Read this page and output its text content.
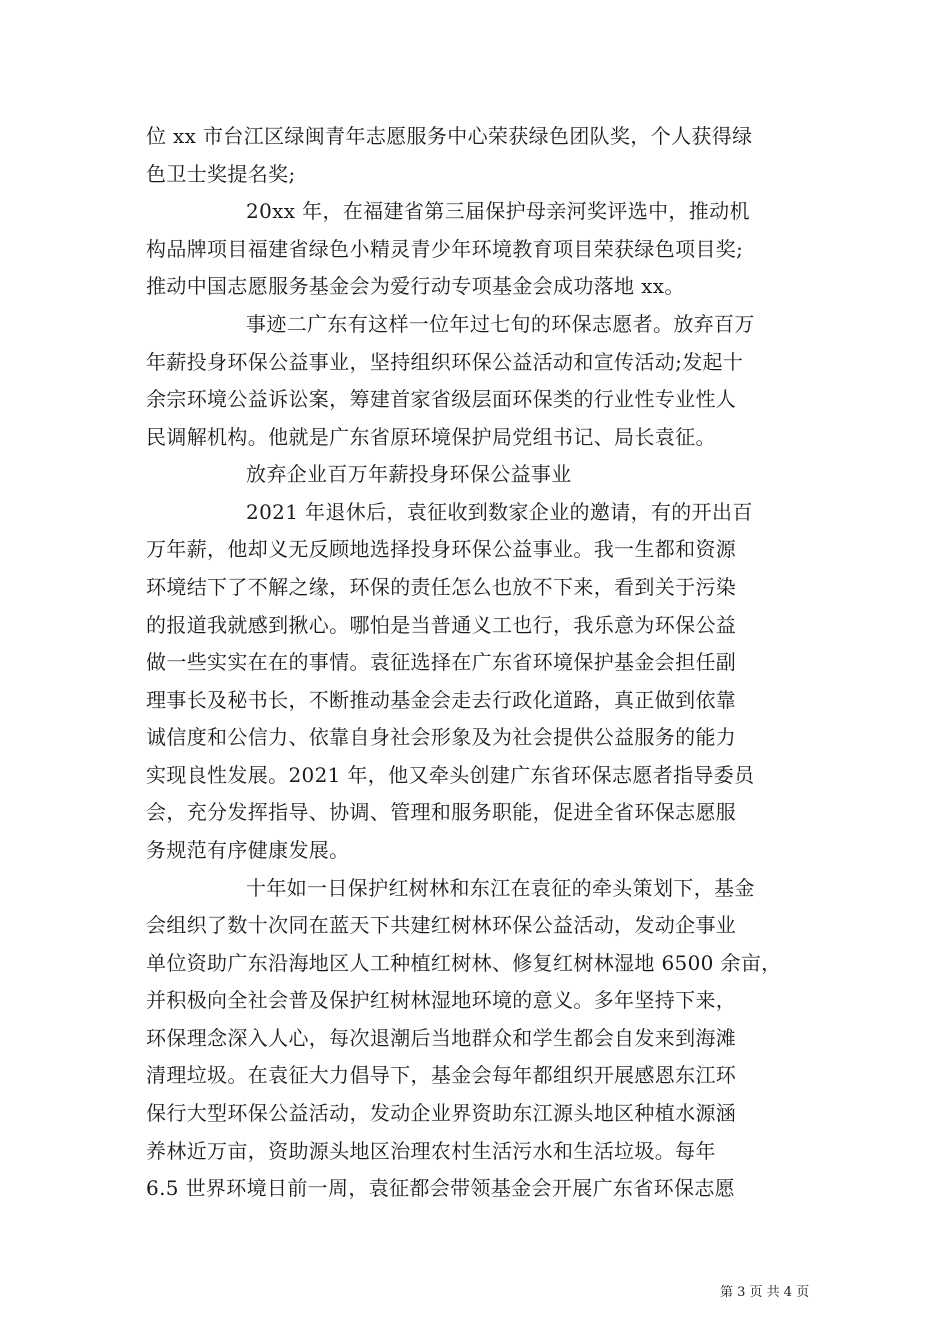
位 xx 市台江区绿闽青年志愿服务中心荣获绿色团队奖，个人获得绿
色卫士奖提名奖;
20xx 年，在福建省第三届保护母亲河奖评选中，推动机
构品牌项目福建省绿色小精灵青少年环境教育项目荣获绿色项目奖;
推动中国志愿服务基金会为爱行动专项基金会成功落地 xx。
事迹二广东有这样一位年过七旬的环保志愿者。放弃百万
年薪投身环保公益事业，坚持组织环保公益活动和宣传活动;发起十
余宗环境公益诉讼案，筹建首家省级层面环保类的行业性专业性人
民调解机构。他就是广东省原环境保护局党组书记、局长袁征。
放弃企业百万年薪投身环保公益事业
2021 年退休后，袁征收到数家企业的邀请，有的开出百
万年薪，他却义无反顾地选择投身环保公益事业。我一生都和资源
环境结下了不解之缘，环保的责任怎么也放不下来，看到关于污染
的报道我就感到揪心。哪怕是当普通义工也行，我乐意为环保公益
做一些实实在在的事情。袁征选择在广东省环境保护基金会担任副
理事长及秘书长，不断推动基金会走去行政化道路，真正做到依靠
诚信度和公信力、依靠自身社会形象及为社会提供公益服务的能力
实现良性发展。2021 年，他又牵头创建广东省环保志愿者指导委员
会，充分发挥指导、协调、管理和服务职能，促进全省环保志愿服
务规范有序健康发展。
十年如一日保护红树林和东江在袁征的牵头策划下，基金
会组织了数十次同在蓝天下共建红树林环保公益活动，发动企事业
单位资助广东沿海地区人工种植红树林、修复红树林湿地 6500 余亩，
并积极向全社会普及保护红树林湿地环境的意义。多年坚持下来，
环保理念深入人心，每次退潮后当地群众和学生都会自发来到海滩
清理垃圾。在袁征大力倡导下，基金会每年都组织开展感恩东江环
保行大型环保公益活动，发动企业界资助东江源头地区种植水源涵
养林近万亩，资助源头地区治理农村生活污水和生活垃圾。每年
6.5 世界环境日前一周，袁征都会带领基金会开展广东省环保志愿
第 3 页 共 4 页
